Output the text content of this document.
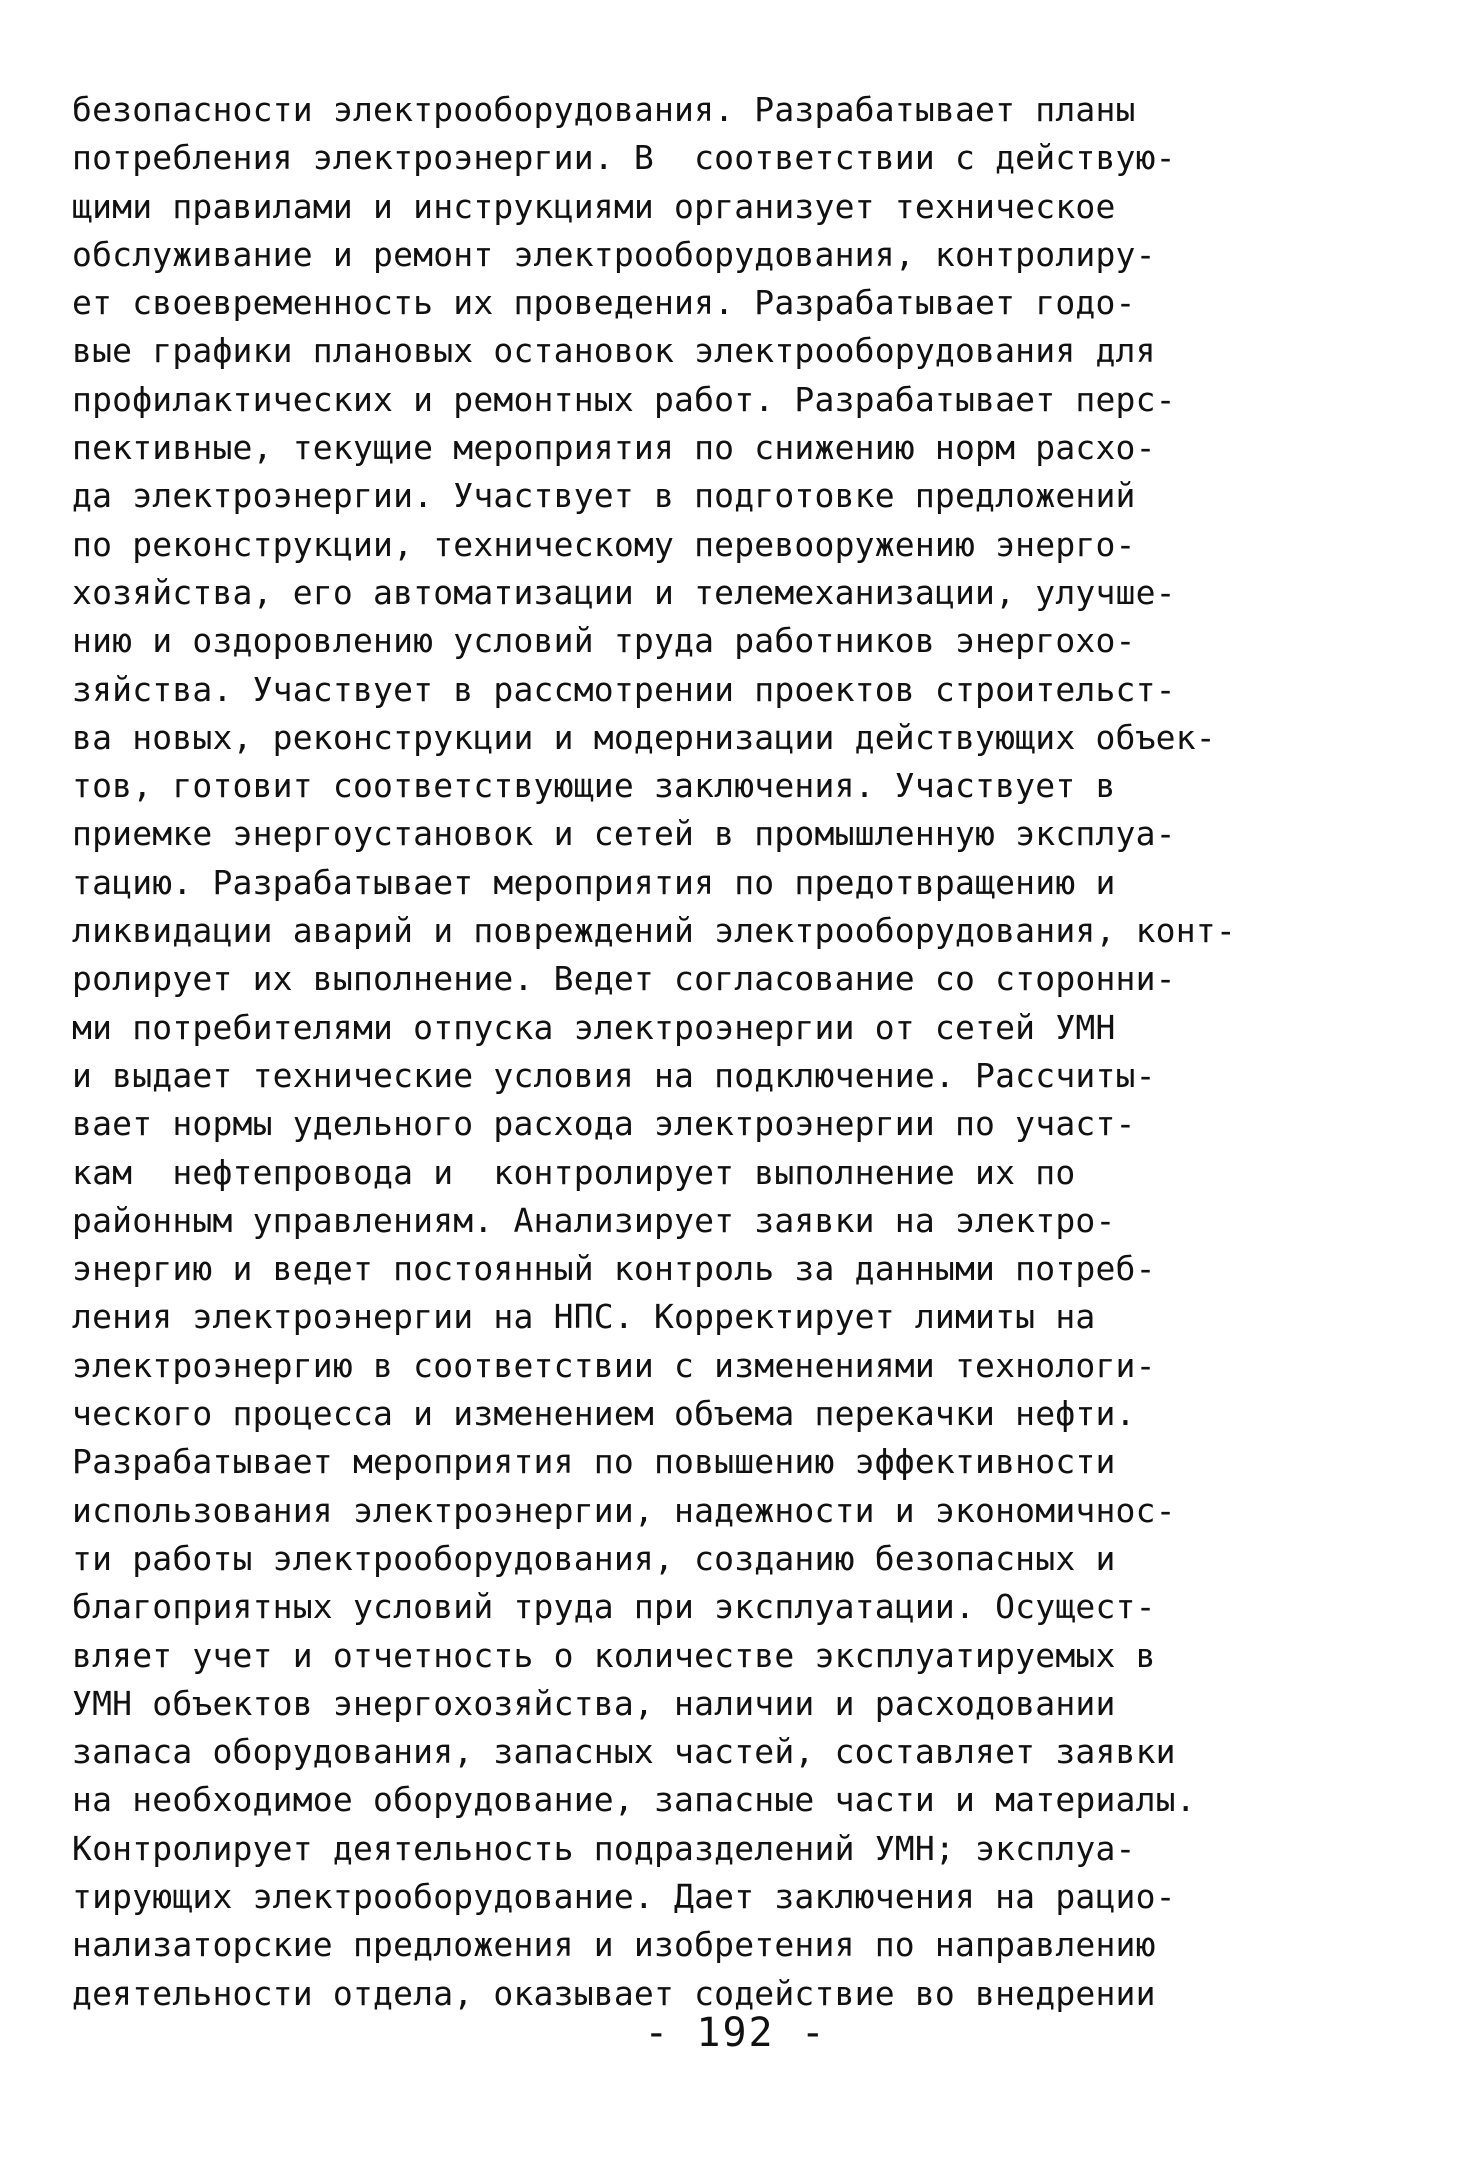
безопасности электрооборудования. Разрабатывает планы
потребления электроэнергии. В  соответствии с действую-
щими правилами и инструкциями организует техническое
обслуживание и ремонт электрооборудования, контролиру-
ет своевременность их проведения. Разрабатывает годо-
вые графики плановых остановок электрооборудования для
профилактических и ремонтных работ. Разрабатывает перс-
пективные, текущие мероприятия по снижению норм расхо-
да электроэнергии. Участвует в подготовке предложений
по реконструкции, техническому перевооружению энерго-
хозяйства, его автоматизации и телемеханизации, улучше-
нию и оздоровлению условий труда работников энергохо-
зяйства. Участвует в рассмотрении проектов строительст-
ва новых, реконструкции и модернизации действующих объек-
тов, готовит соответствующие заключения. Участвует в
приемке энергоустановок и сетей в промышленную эксплуа-
тацию. Разрабатывает мероприятия по предотвращению и
ликвидации аварий и повреждений электрооборудования, конт-
ролирует их выполнение. Ведет согласование со сторонни-
ми потребителями отпуска электроэнергии от сетей УМН
и выдает технические условия на подключение. Рассчиты-
вает нормы удельного расхода электроэнергии по участ-
кам  нефтепровода и  контролирует выполнение их по
районным управлениям. Анализирует заявки на электро-
энергию и ведет постоянный контроль за данными потреб-
ления электроэнергии на НПС. Корректирует лимиты на
электроэнергию в соответствии с изменениями технологи-
ческого процесса и изменением объема перекачки нефти.
Разрабатывает мероприятия по повышению эффективности
использования электроэнергии, надежности и экономичнос-
ти работы электрооборудования, созданию безопасных и
благоприятных условий труда при эксплуатации. Осущест-
вляет учет и отчетность о количестве эксплуатируемых в
УМН объектов энергохозяйства, наличии и расходовании
запаса оборудования, запасных частей, составляет заявки
на необходимое оборудование, запасные части и материалы.
Контролирует деятельность подразделений УМН; эксплуа-
тирующих электрооборудование. Дает заключения на рацио-
нализаторские предложения и изобретения по направлению
деятельности отдела, оказывает содействие во внедрении
- 192 -
